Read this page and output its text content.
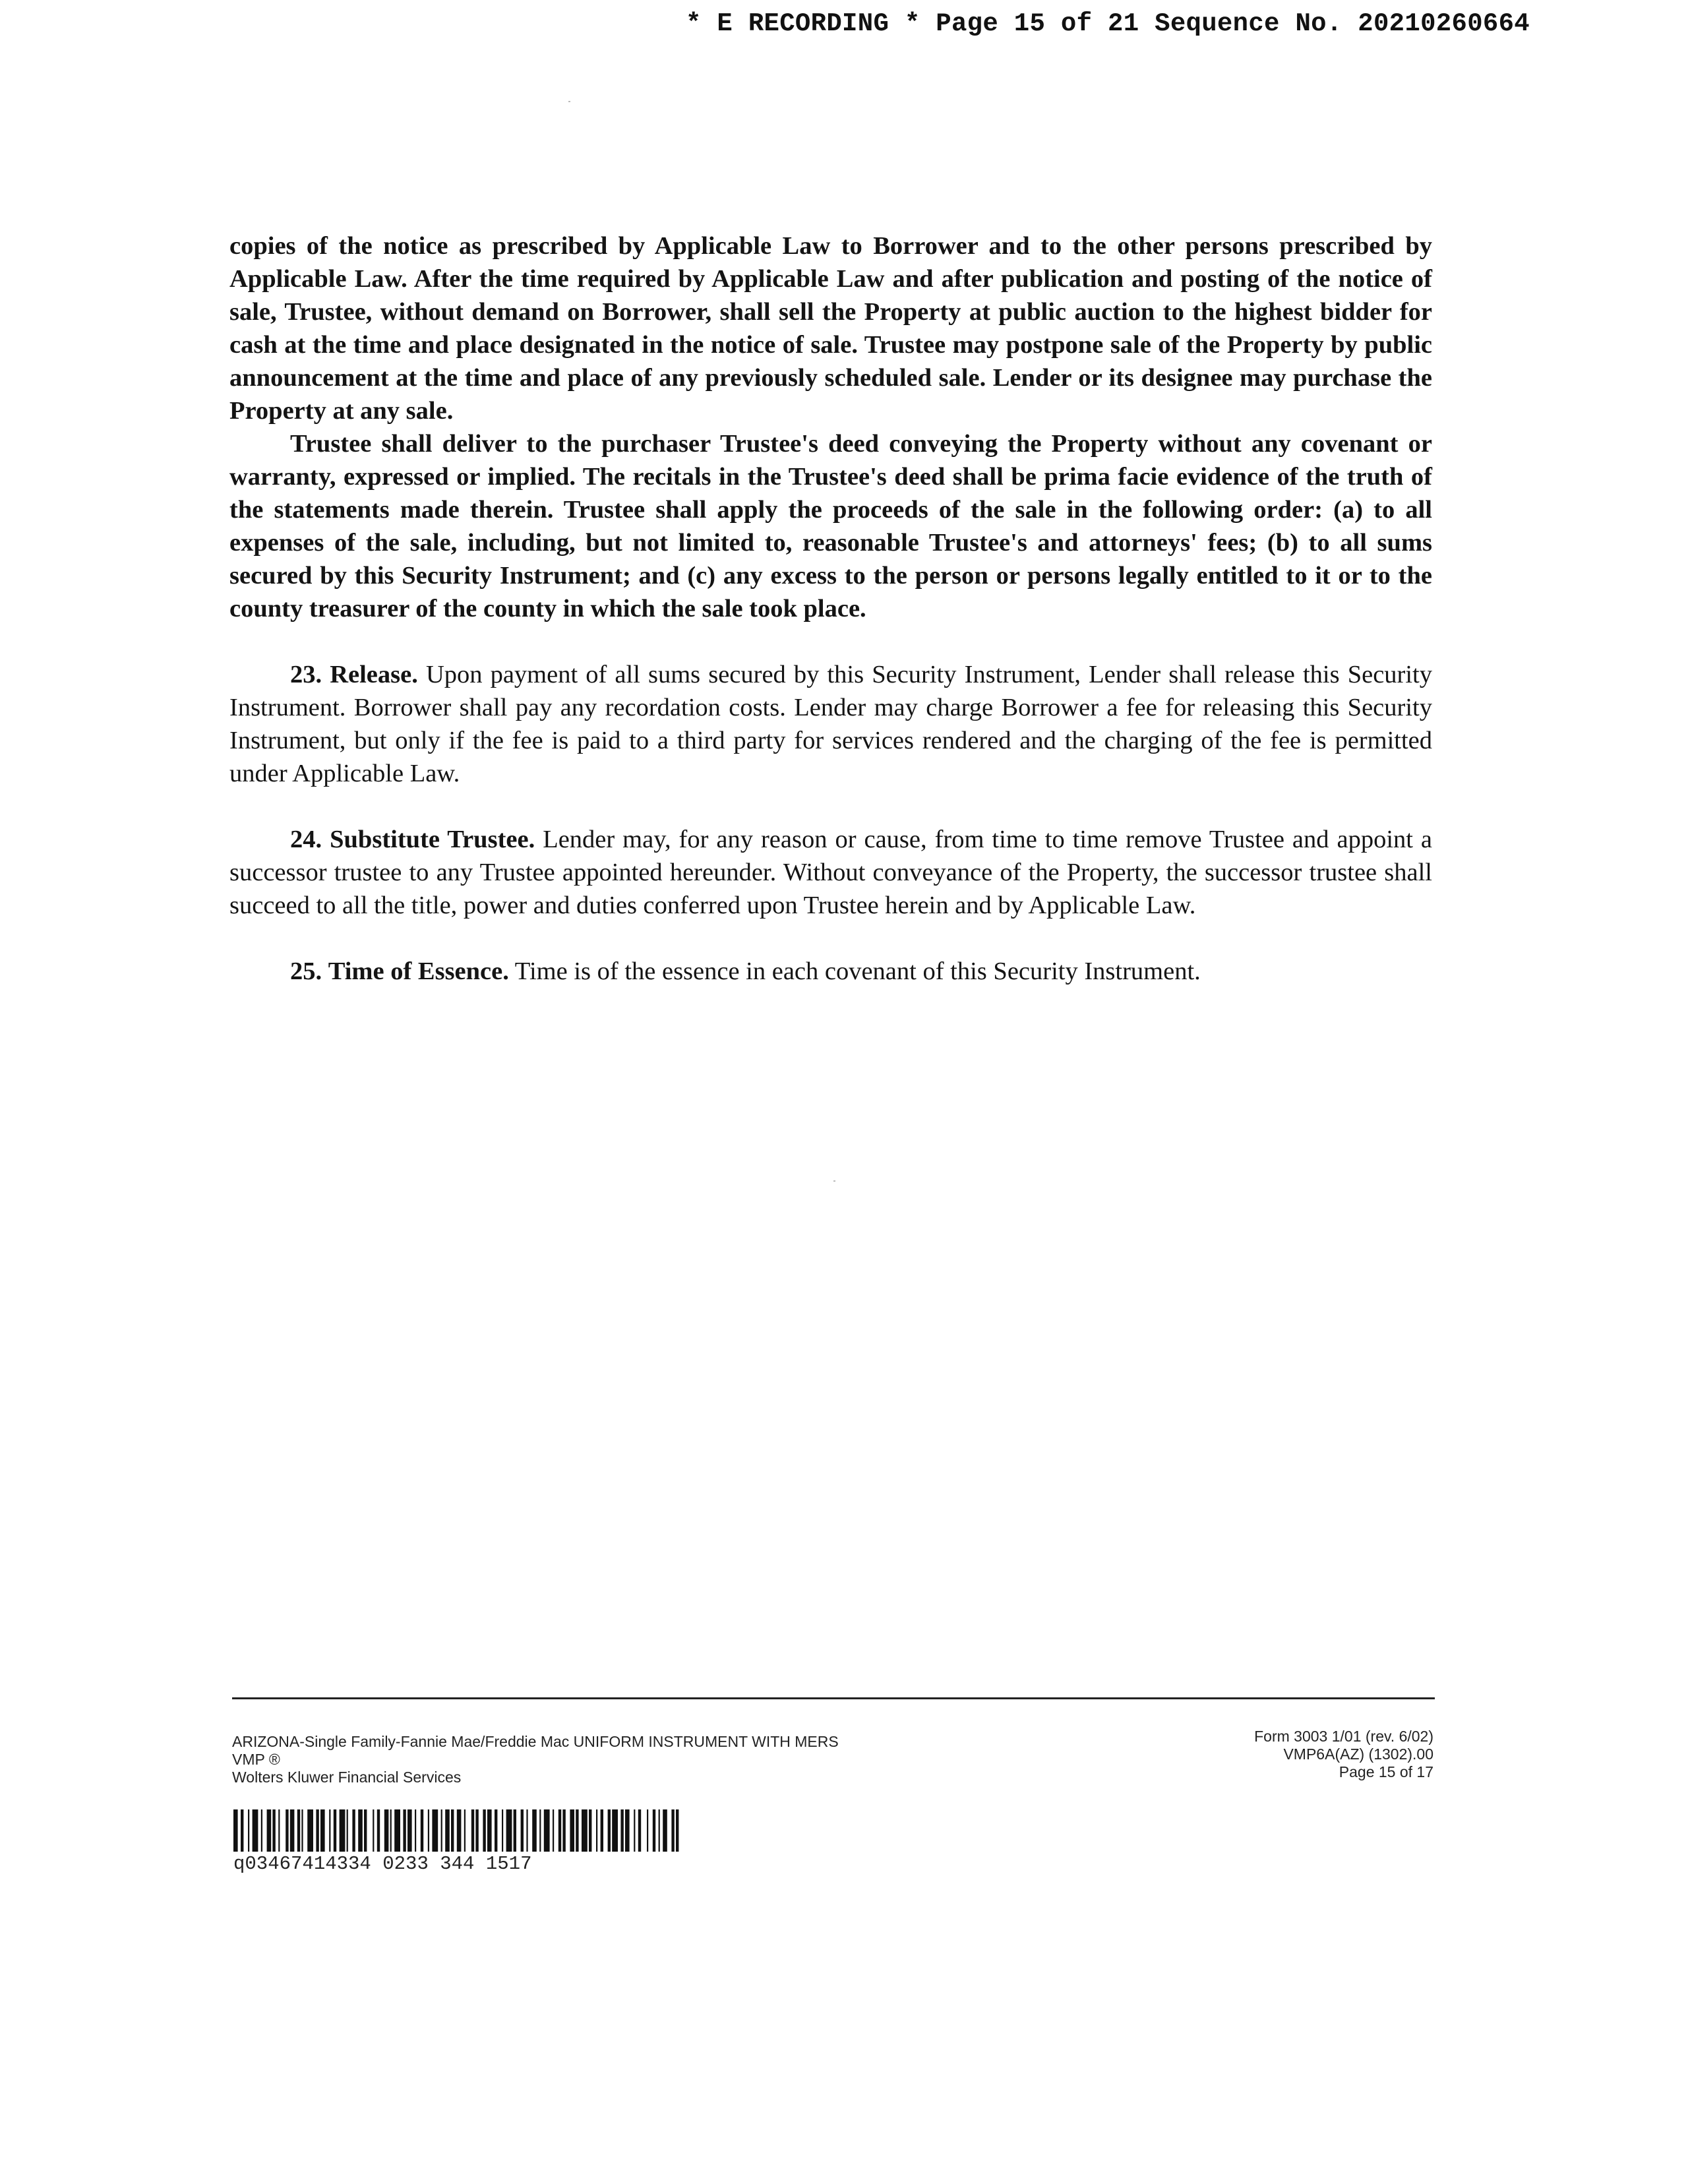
* E RECORDING * Page 15 of 21 Sequence No. 20210260664

copies of the notice as prescribed by Applicable Law to Borrower and to the other persons prescribed by Applicable Law. After the time required by Applicable Law and after publication and posting of the notice of sale, Trustee, without demand on Borrower, shall sell the Property at public auction to the highest bidder for cash at the time and place designated in the notice of sale. Trustee may postpone sale of the Property by public announcement at the time and place of any previously scheduled sale. Lender or its designee may purchase the Property at any sale.

Trustee shall deliver to the purchaser Trustee's deed conveying the Property without any covenant or warranty, expressed or implied. The recitals in the Trustee's deed shall be prima facie evidence of the truth of the statements made therein. Trustee shall apply the proceeds of the sale in the following order: (a) to all expenses of the sale, including, but not limited to, reasonable Trustee's and attorneys' fees; (b) to all sums secured by this Security Instrument; and (c) any excess to the person or persons legally entitled to it or to the county treasurer of the county in which the sale took place.

23. Release. Upon payment of all sums secured by this Security Instrument, Lender shall release this Security Instrument. Borrower shall pay any recordation costs. Lender may charge Borrower a fee for releasing this Security Instrument, but only if the fee is paid to a third party for services rendered and the charging of the fee is permitted under Applicable Law.

24. Substitute Trustee. Lender may, for any reason or cause, from time to time remove Trustee and appoint a successor trustee to any Trustee appointed hereunder. Without conveyance of the Property, the successor trustee shall succeed to all the title, power and duties conferred upon Trustee herein and by Applicable Law.

25. Time of Essence. Time is of the essence in each covenant of this Security Instrument.

ARIZONA-Single Family-Fannie Mae/Freddie Mac UNIFORM INSTRUMENT WITH MERS
VMP ®
Wolters Kluwer Financial Services
Form 3003 1/01 (rev. 6/02)
VMP6A(AZ) (1302).00
Page 15 of 17
q03467414334 0233 344 1517
